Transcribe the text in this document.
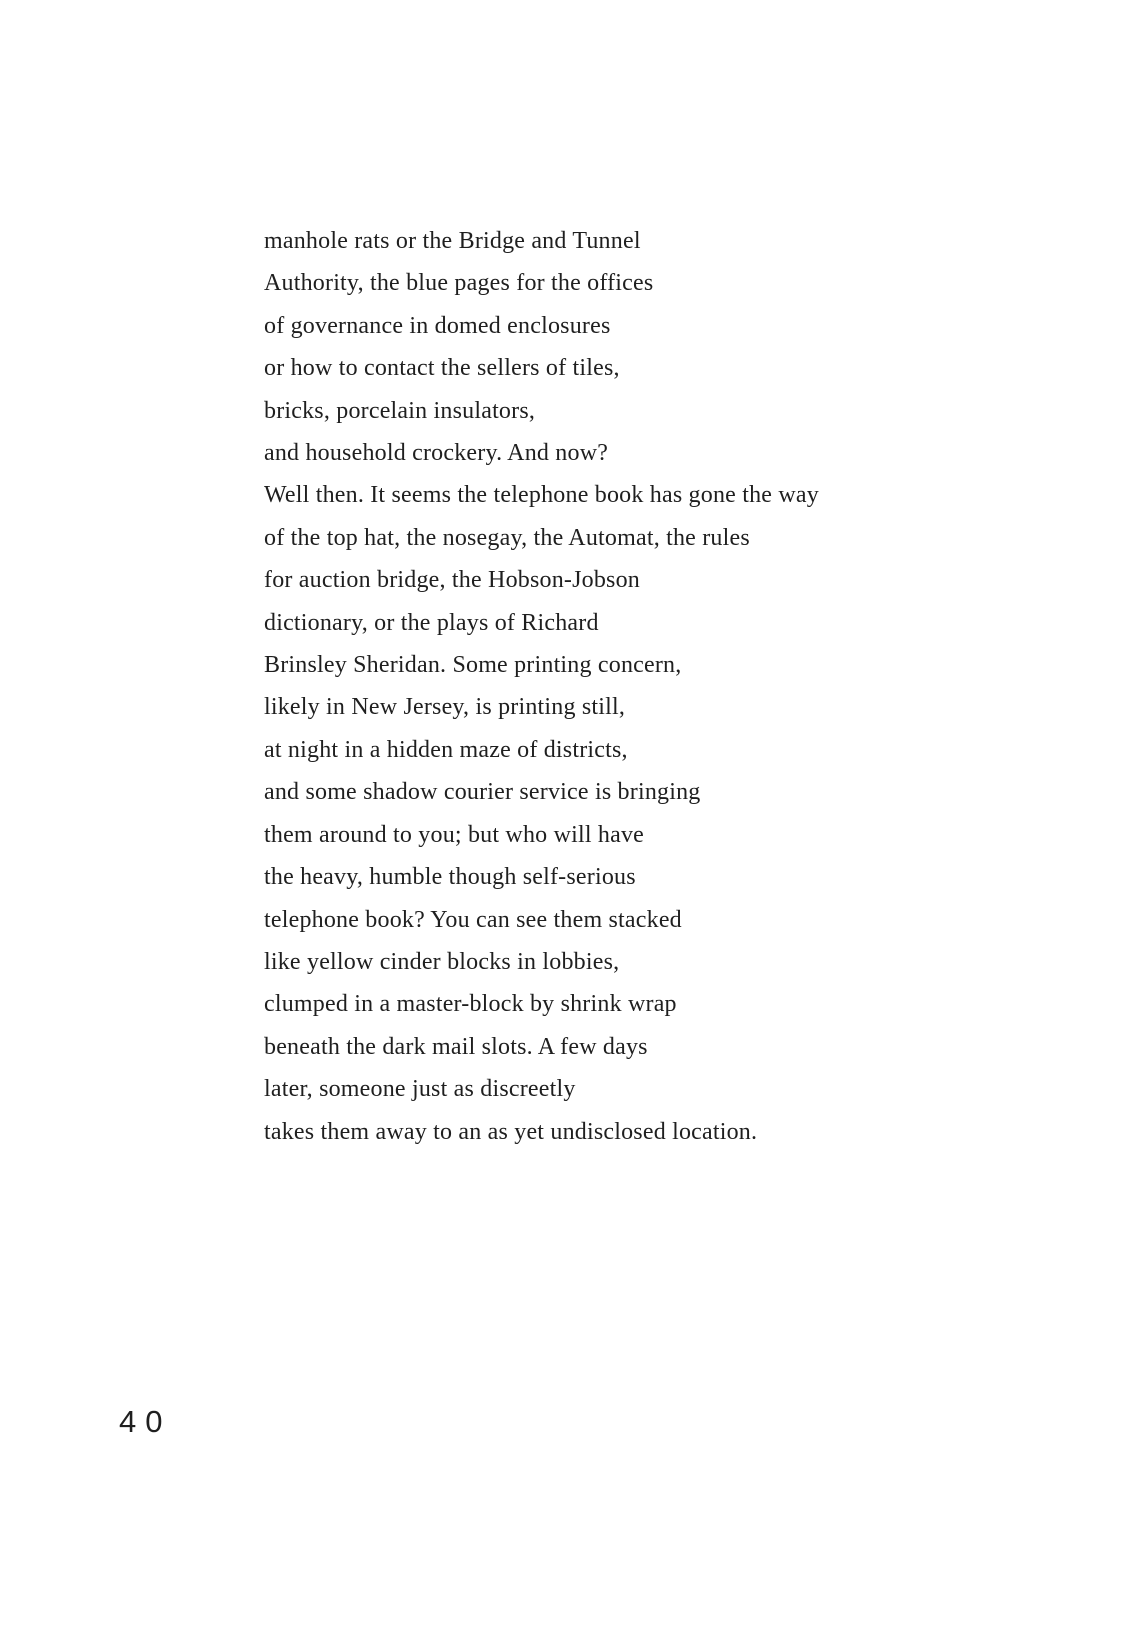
manhole rats or the Bridge and Tunnel
Authority, the blue pages for the offices
of governance in domed enclosures
or how to contact the sellers of tiles,
bricks, porcelain insulators,
and household crockery. And now?
Well then. It seems the telephone book has gone the way
of the top hat, the nosegay, the Automat, the rules
for auction bridge, the Hobson-Jobson
dictionary, or the plays of Richard
Brinsley Sheridan. Some printing concern,
likely in New Jersey, is printing still,
at night in a hidden maze of districts,
and some shadow courier service is bringing
them around to you; but who will have
the heavy, humble though self-serious
telephone book? You can see them stacked
like yellow cinder blocks in lobbies,
clumped in a master-block by shrink wrap
beneath the dark mail slots. A few days
later, someone just as discreetly
takes them away to an as yet undisclosed location.
40
